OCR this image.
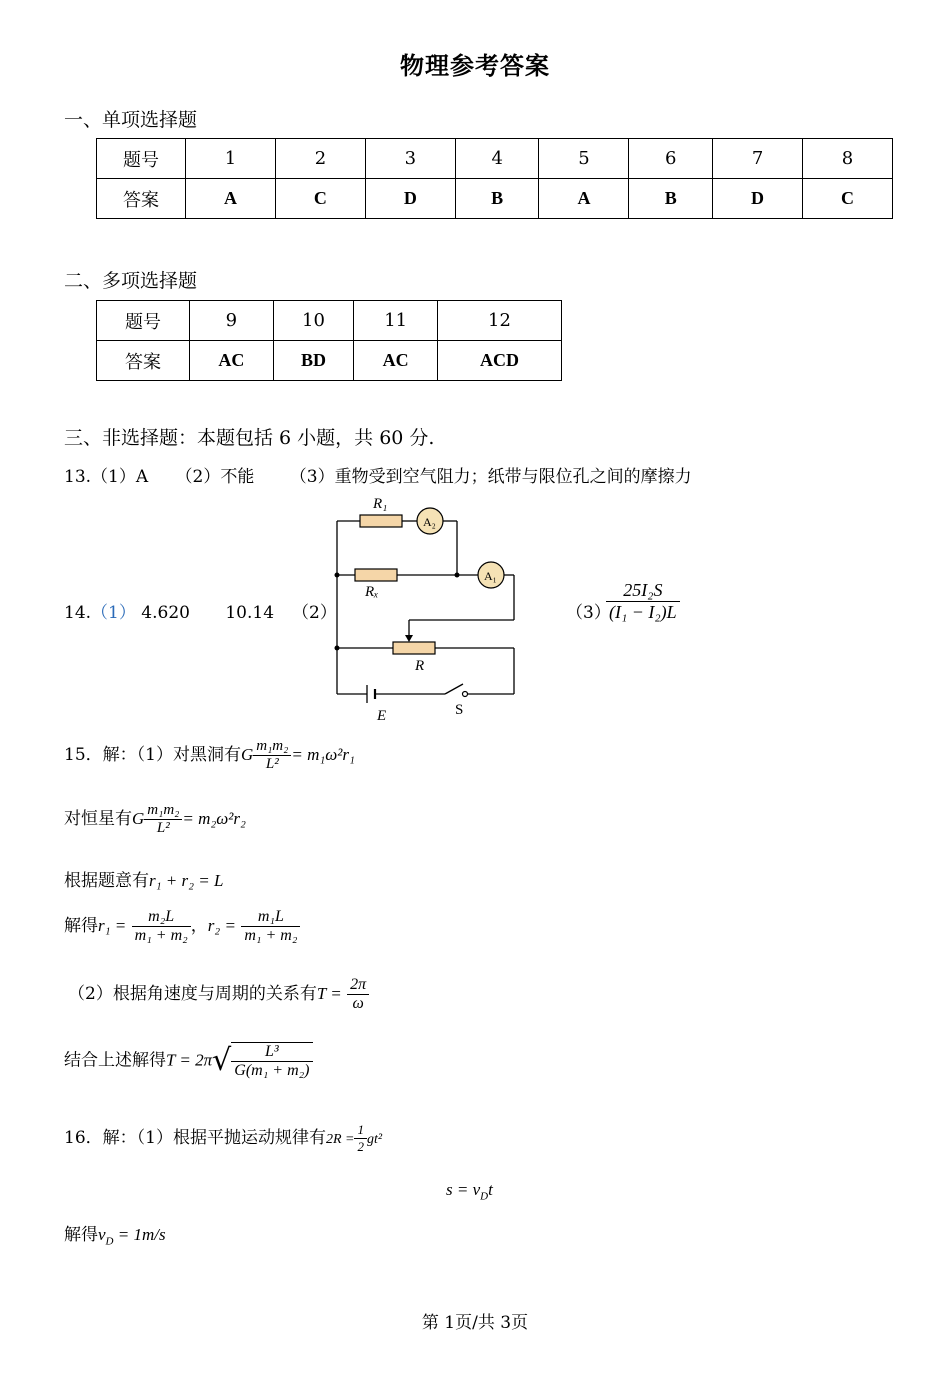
物理参考答案
一、单项选择题
题号	1	2	3	4	5	6	7	8
答案	A	C	D	B	A	B	D	C
二、多项选择题
题号	9	10	11	12
答案	AC	BD	AC	ACD
三、非选择题：本题包括 6 小题，共 60 分.
13.（1）A （2）不能 （3）重物受到空气阻力；纸带与限位孔之间的摩擦力
14.（1） 4.620 10.14 （2）
R₁
A₂
Rₓ
A₁
R
E	S
（3）
$\frac{\text{25I₂S}}{\text{(I₁ − I₂)L}}$
15．解：（1）对黑洞有G $\frac{\text{m₁m₂}}{\text{L²}} = m_1\omega^2r_1$
对恒星有G $\frac{\text{m₁m₂}}{\text{L²}} = m_2\omega^2r_2$
根据题意有r₁ + r₂ = L
解得$r_1 = \frac{\text{m₂L}}{\text{m₁ + m₂}}$ ，$r_2 = \frac{\text{m₁L}}{\text{m₁ + m₂}}$
（2）根据角速度与周期的关系有$T = \frac{2\pi}{\omega}$
结合上述解得$T = 2\pi√ \frac{\text{L³}}{\text{G(m₁ + m₂)}}$
16．解：（1）根据平抛运动规律有$2R = \frac{1}{2} gt^2$
$s = v_Dt$
解得$v_D = 1m/s$
第 1页/共 3页
